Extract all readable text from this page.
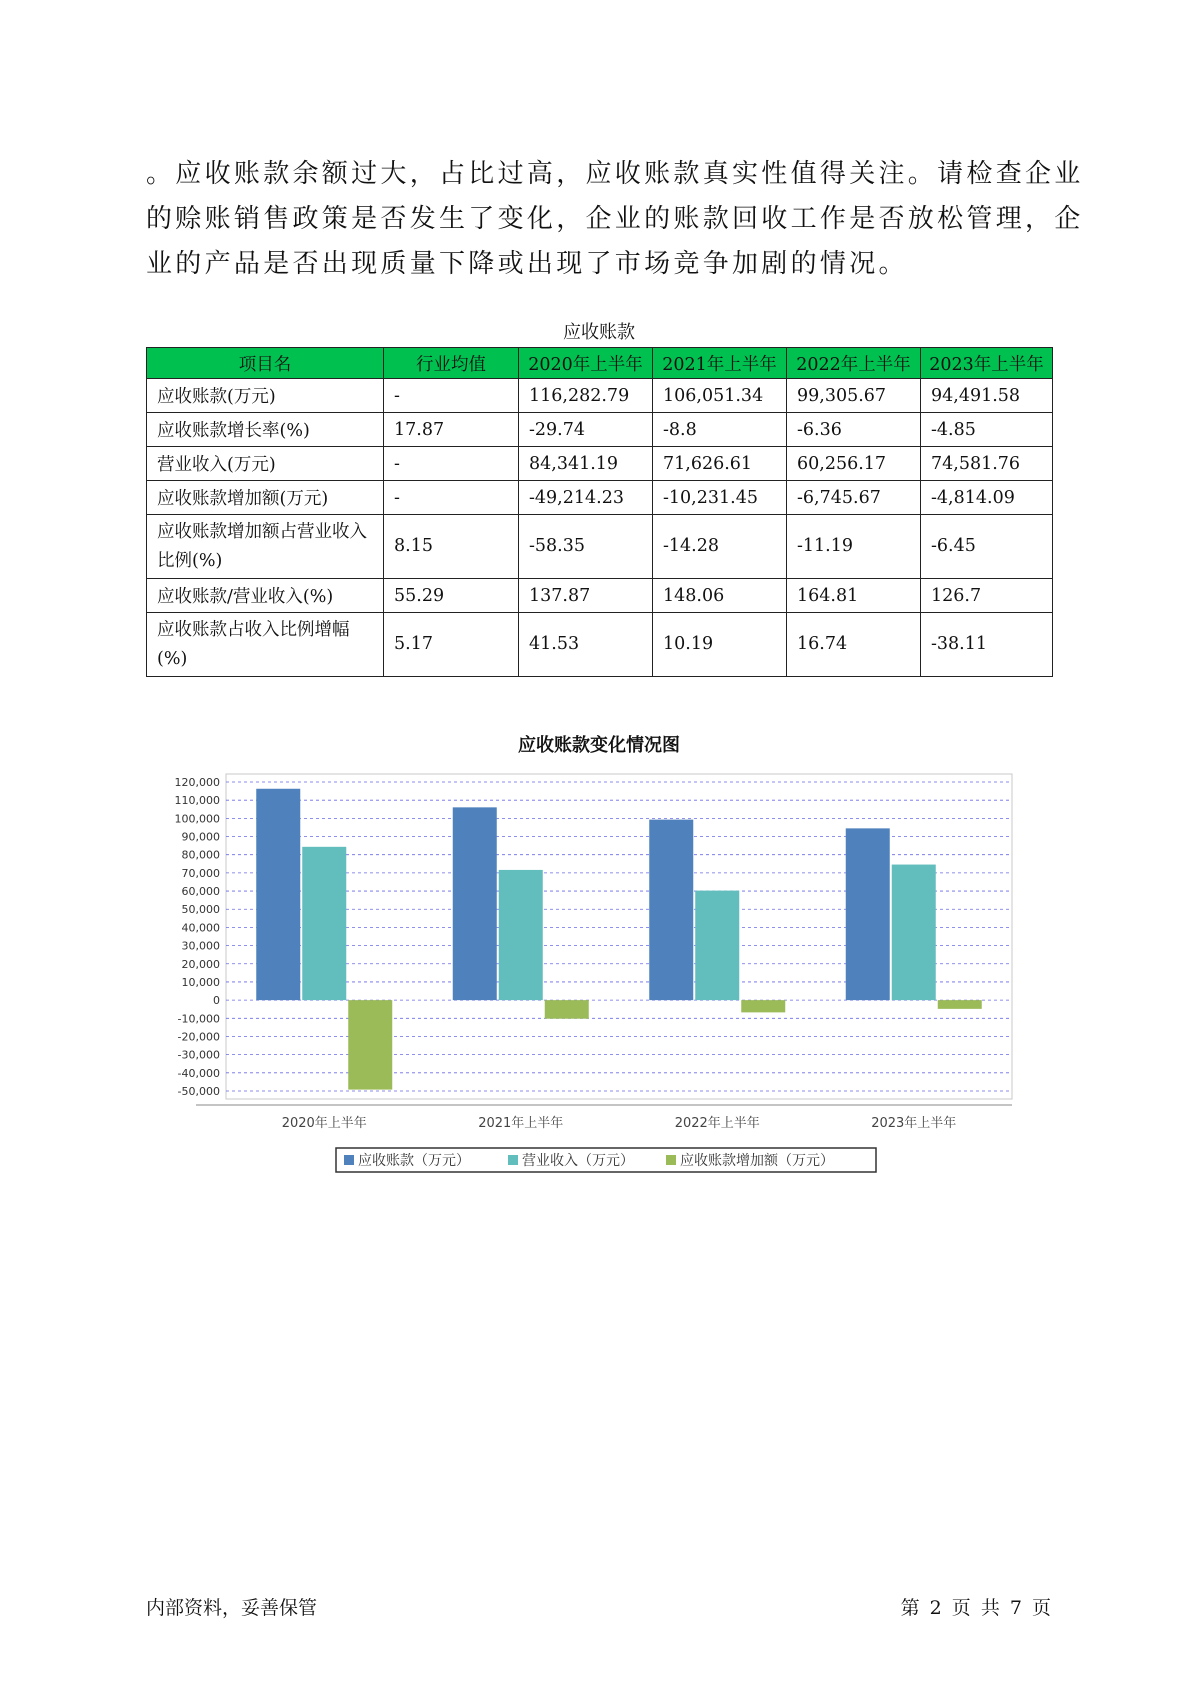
。应收账款余额过大，占比过高，应收账款真实性值得关注。请检查企业

的赊账销售政策是否发生了变化，企业的账款回收工作是否放松管理，企

业的产品是否出现质量下降或出现了市场竞争加剧的情况。

应收账款
项目名	行业均值	2020年上半年	2021年上半年	2022年上半年	2023年上半年
应收账款(万元)	-	116,282.79	106,051.34	99,305.67	94,491.58
应收账款增长率(%)	17.87	-29.74	-8.8	-6.36	-4.85
营业收入(万元)	-	84,341.19	71,626.61	60,256.17	74,581.76
应收账款增加额(万元)	-	-49,214.23	-10,231.45	-6,745.67	-4,814.09
应收账款增加额占营业收入比例(%)	8.15	-58.35	-14.28	-11.19	-6.45
应收账款/营业收入(%)	55.29	137.87	148.06	164.81	126.7
应收账款占收入比例增幅(%)	5.17	41.53	10.19	16.74	-38.11
应收账款变化情况图
120,000
110,000
100,000
90,000
80,000
70,000
60,000
50,000
40,000
30,000
20,000
10,000
0
-10,000
-20,000
-30,000
-40,000
-50,000
2020年上半年	2021年上半年	2022年上半年	2023年上半年
应收账款（万元）	营业收入（万元）	应收账款增加额（万元）
内部资料，妥善保管	第 2 页 共 7 页
